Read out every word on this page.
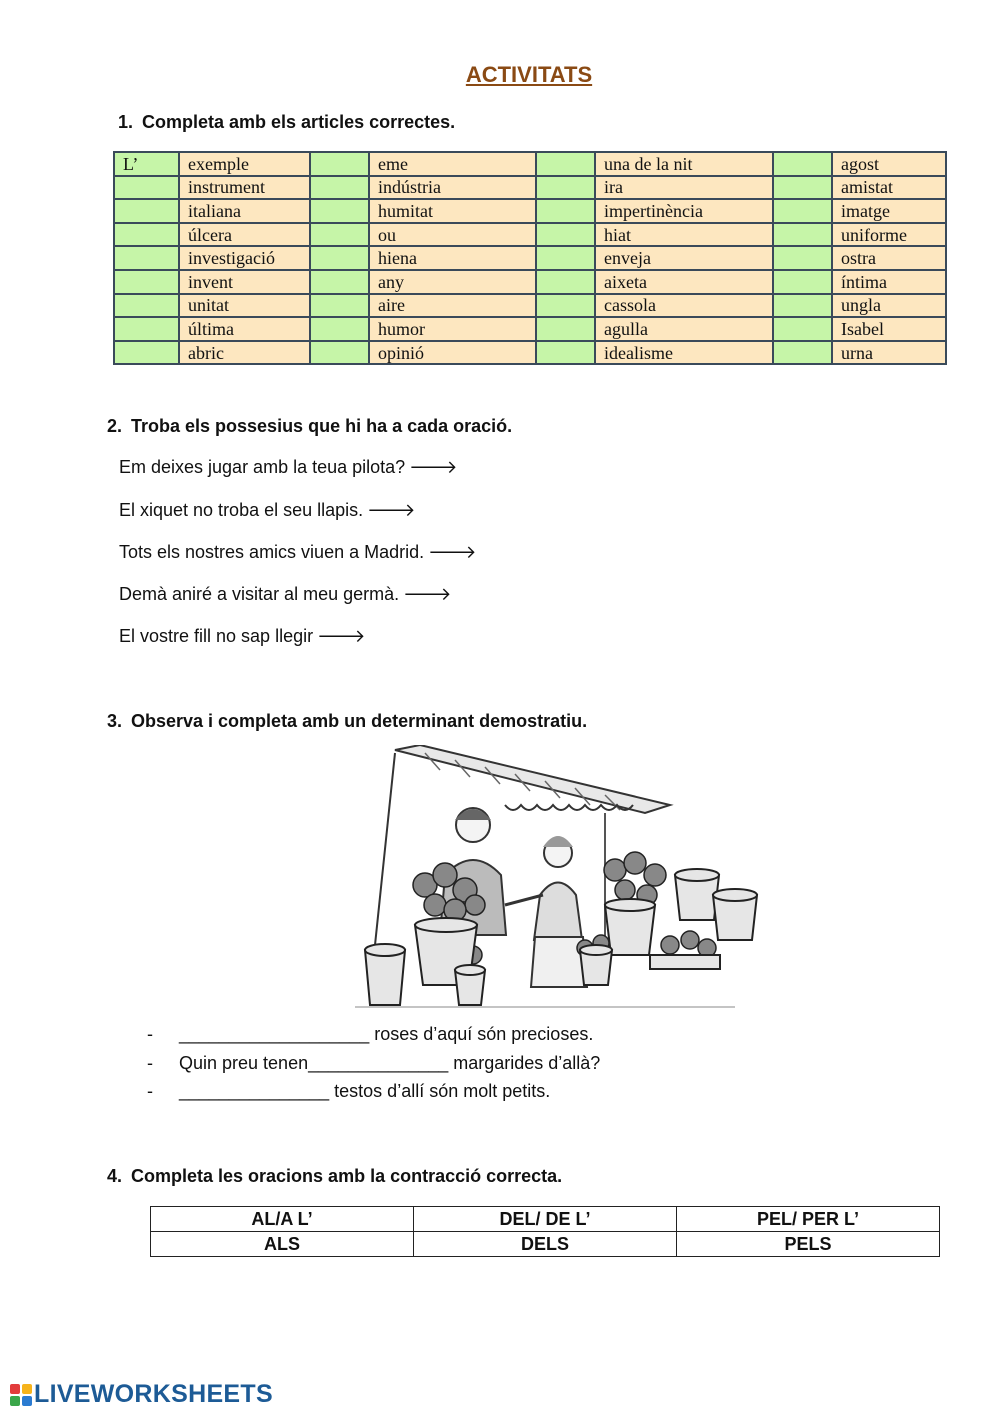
ACTIVITATS
1. Completa amb els articles correctes.
L’	exemple		eme		una de la nit		agost
	instrument		indústria		ira		amistat
	italiana		humitat		impertinència		imatge
	úlcera		ou		hiat		uniforme
	investigació		hiena		enveja		ostra
	invent		any		aixeta		íntima
	unitat		aire		cassola		ungla
	última		humor		agulla		Isabel
	abric		opinió		idealisme		urna
2. Troba els possesius que hi ha a cada oració.
Em deixes jugar amb la teua pilota? 🡒
El xiquet no troba el seu llapis. 🡒
Tots els nostres amics viuen a Madrid. 🡒
Demà aniré a visitar al meu germà. 🡒
El vostre fill no sap llegir 🡒
3. Observa i completa amb un determinant demostratiu.
- ___________________ roses d’aquí són precioses.
- Quin preu tenen______________ margarides d’allà?
- _______________ testos d’allí són molt petits.
4. Completa les oracions amb la contracció correcta.
AL/A L’	DEL/ DE L’	PEL/ PER L’
ALS	DELS	PELS
LIVEWORKSHEETS
